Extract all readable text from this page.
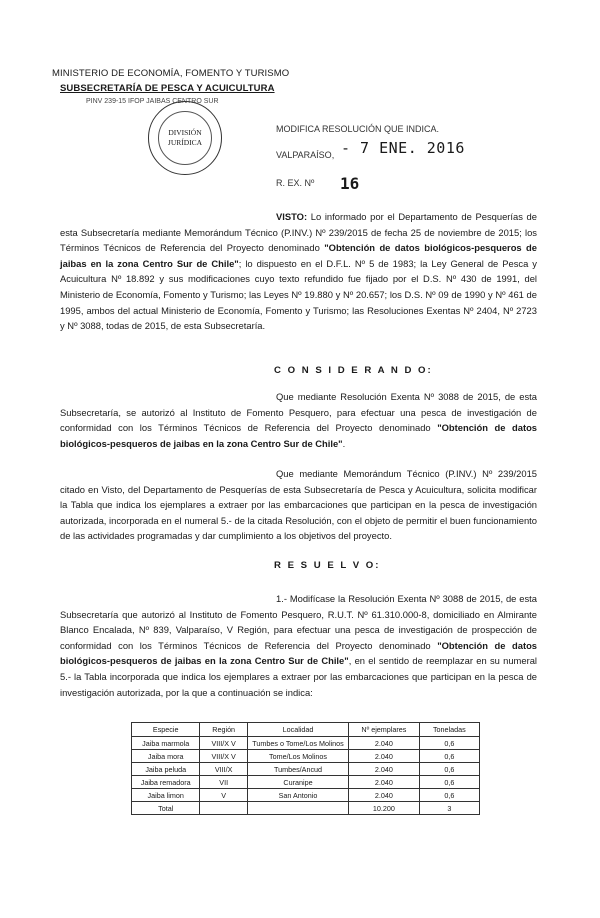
MINISTERIO DE ECONOMÍA, FOMENTO Y TURISMO
SUBSECRETARÍA DE PESCA Y ACUICULTURA
PINV 239-15 IFOP JAIBAS CENTRO SUR
DIVISIÓN
JURÍDICA
MODIFICA RESOLUCIÓN QUE INDICA.
VALPARAÍSO, - 7 ENE. 2016
R. EX. Nº 16

VISTO: Lo informado por el Departamento de Pesquerías de esta Subsecretaría mediante Memorándum Técnico (P.INV.) Nº 239/2015 de fecha 25 de noviembre de 2015; los Términos Técnicos de Referencia del Proyecto denominado "Obtención de datos biológicos-pesqueros de jaibas en la zona Centro Sur de Chile"; lo dispuesto en el D.F.L. Nº 5 de 1983; la Ley General de Pesca y Acuicultura Nº 18.892 y sus modificaciones cuyo texto refundido fue fijado por el D.S. Nº 430 de 1991, del Ministerio de Economía, Fomento y Turismo; las Leyes Nº 19.880 y Nº 20.657; los D.S. Nº 09 de 1990 y Nº 461 de 1995, ambos del actual Ministerio de Economía, Fomento y Turismo; las Resoluciones Exentas Nº 2404, Nº 2723 y Nº 3088, todas de 2015, de esta Subsecretaría.

C O N S I D E R A N D O:

Que mediante Resolución Exenta Nº 3088 de 2015, de esta Subsecretaría, se autorizó al Instituto de Fomento Pesquero, para efectuar una pesca de investigación de conformidad con los Términos Técnicos de Referencia del Proyecto denominado "Obtención de datos biológicos-pesqueros de jaibas en la zona Centro Sur de Chile".

Que mediante Memorándum Técnico (P.INV.) Nº 239/2015 citado en Visto, del Departamento de Pesquerías de esta Subsecretaría de Pesca y Acuicultura, solicita modificar la Tabla que indica los ejemplares a extraer por las embarcaciones que participan en la pesca de investigación autorizada, incorporada en el numeral 5.- de la citada Resolución, con el objeto de permitir el buen funcionamiento de las actividades programadas y dar cumplimiento a los objetivos del proyecto.

R E S U E L V O:

1.- Modifícase la Resolución Exenta Nº 3088 de 2015, de esta Subsecretaría que autorizó al Instituto de Fomento Pesquero, R.U.T. Nº 61.310.000-8, domiciliado en Almirante Blanco Encalada, Nº 839, Valparaíso, V Región, para efectuar una pesca de investigación de prospección de conformidad con los Términos Técnicos de Referencia del Proyecto denominado "Obtención de datos biológicos-pesqueros de jaibas en la zona Centro Sur de Chile", en el sentido de reemplazar en su numeral 5.- la Tabla incorporada que indica los ejemplares a extraer por las embarcaciones que participan en la pesca de investigación autorizada, por la que a continuación se indica:

Especie	Región	Localidad	Nº ejemplares	Toneladas
Jaiba marmola	VIII/X V	Tumbes o Tome/Los Molinos	2.040	0,6
Jaiba mora	VIII/X V	Tome/Los Molinos	2.040	0,6
Jaiba peluda	VIII/X	Tumbes/Ancud	2.040	0,6
Jaiba remadora	VII	Curanipe	2.040	0,6
Jaiba limon	V	San Antonio	2.040	0,6
Total			10.200	3
